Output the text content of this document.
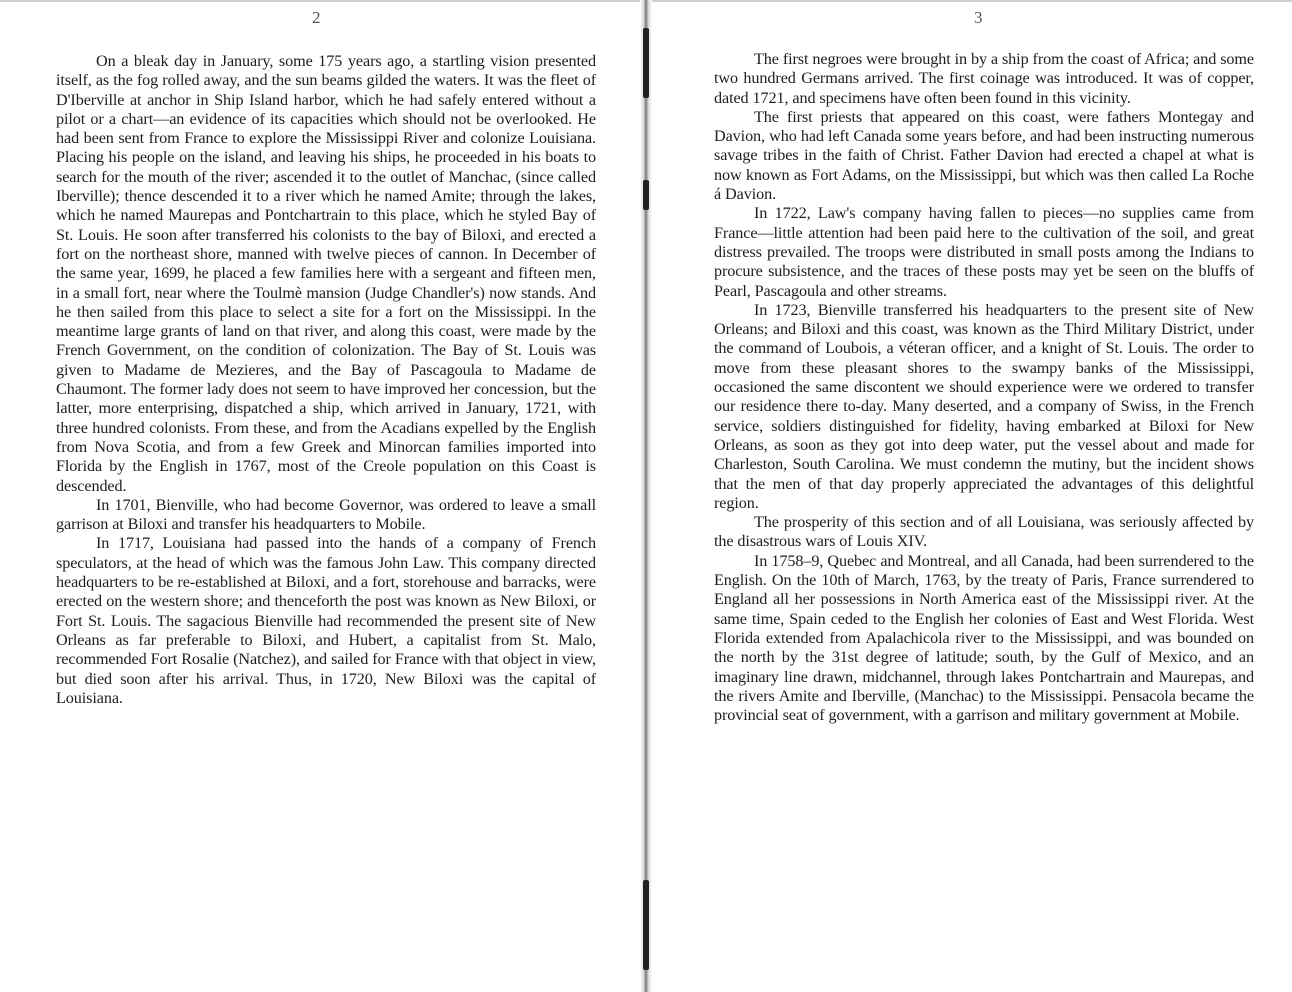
2

On a bleak day in January, some 175 years ago, a startling vision presented itself, as the fog rolled away, and the sun beams gilded the waters. It was the fleet of D'Iberville at anchor in Ship Island harbor, which he had safely entered without a pilot or a chart—an evidence of its capacities which should not be overlooked. He had been sent from France to explore the Mississippi River and colonize Louisiana. Placing his people on the island, and leaving his ships, he proceeded in his boats to search for the mouth of the river; ascended it to the outlet of Manchac, (since called Iberville); thence descended it to a river which he named Amite; through the lakes, which he named Maurepas and Pontchartrain to this place, which he styled Bay of St. Louis. He soon after transferred his colonists to the bay of Biloxi, and erected a fort on the northeast shore, manned with twelve pieces of cannon. In December of the same year, 1699, he placed a few families here with a sergeant and fifteen men, in a small fort, near where the Toulmè mansion (Judge Chandler's) now stands. And he then sailed from this place to select a site for a fort on the Mississippi. In the meantime large grants of land on that river, and along this coast, were made by the French Government, on the condition of colonization. The Bay of St. Louis was given to Madame de Mezieres, and the Bay of Pascagoula to Madame de Chaumont. The former lady does not seem to have improved her concession, but the latter, more enterprising, dispatched a ship, which arrived in January, 1721, with three hundred colonists. From these, and from the Acadians expelled by the English from Nova Scotia, and from a few Greek and Minorcan families imported into Florida by the English in 1767, most of the Creole population on this Coast is descended.

In 1701, Bienville, who had become Governor, was ordered to leave a small garrison at Biloxi and transfer his headquarters to Mobile.

In 1717, Louisiana had passed into the hands of a company of French speculators, at the head of which was the famous John Law. This company directed headquarters to be re-established at Biloxi, and a fort, storehouse and barracks, were erected on the western shore; and thenceforth the post was known as New Biloxi, or Fort St. Louis. The sagacious Bienville had recommended the present site of New Orleans as far preferable to Biloxi, and Hubert, a capitalist from St. Malo, recommended Fort Rosalie (Natchez), and sailed for France with that object in view, but died soon after his arrival. Thus, in 1720, New Biloxi was the capital of Louisiana.

3

The first negroes were brought in by a ship from the coast of Africa; and some two hundred Germans arrived. The first coinage was introduced. It was of copper, dated 1721, and specimens have often been found in this vicinity.

The first priests that appeared on this coast, were fathers Montegay and Davion, who had left Canada some years before, and had been instructing numerous savage tribes in the faith of Christ. Father Davion had erected a chapel at what is now known as Fort Adams, on the Mississippi, but which was then called La Roche á Davion.

In 1722, Law's company having fallen to pieces—no supplies came from France—little attention had been paid here to the cultivation of the soil, and great distress prevailed. The troops were distributed in small posts among the Indians to procure subsistence, and the traces of these posts may yet be seen on the bluffs of Pearl, Pascagoula and other streams.

In 1723, Bienville transferred his headquarters to the present site of New Orleans; and Biloxi and this coast, was known as the Third Military District, under the command of Loubois, a véteran officer, and a knight of St. Louis. The order to move from these pleasant shores to the swampy banks of the Mississippi, occasioned the same discontent we should experience were we ordered to transfer our residence there to-day. Many deserted, and a company of Swiss, in the French service, soldiers distinguished for fidelity, having embarked at Biloxi for New Orleans, as soon as they got into deep water, put the vessel about and made for Charleston, South Carolina. We must condemn the mutiny, but the incident shows that the men of that day properly appreciated the advantages of this delightful region.

The prosperity of this section and of all Louisiana, was seriously affected by the disastrous wars of Louis XIV.

In 1758–9, Quebec and Montreal, and all Canada, had been surrendered to the English. On the 10th of March, 1763, by the treaty of Paris, France surrendered to England all her possessions in North America east of the Mississippi river. At the same time, Spain ceded to the English her colonies of East and West Florida. West Florida extended from Apalachicola river to the Mississippi, and was bounded on the north by the 31st degree of latitude; south, by the Gulf of Mexico, and an imaginary line drawn, midchannel, through lakes Pontchartrain and Maurepas, and the rivers Amite and Iberville, (Manchac) to the Mississippi. Pensacola became the provincial seat of government, with a garrison and military government at Mobile.
